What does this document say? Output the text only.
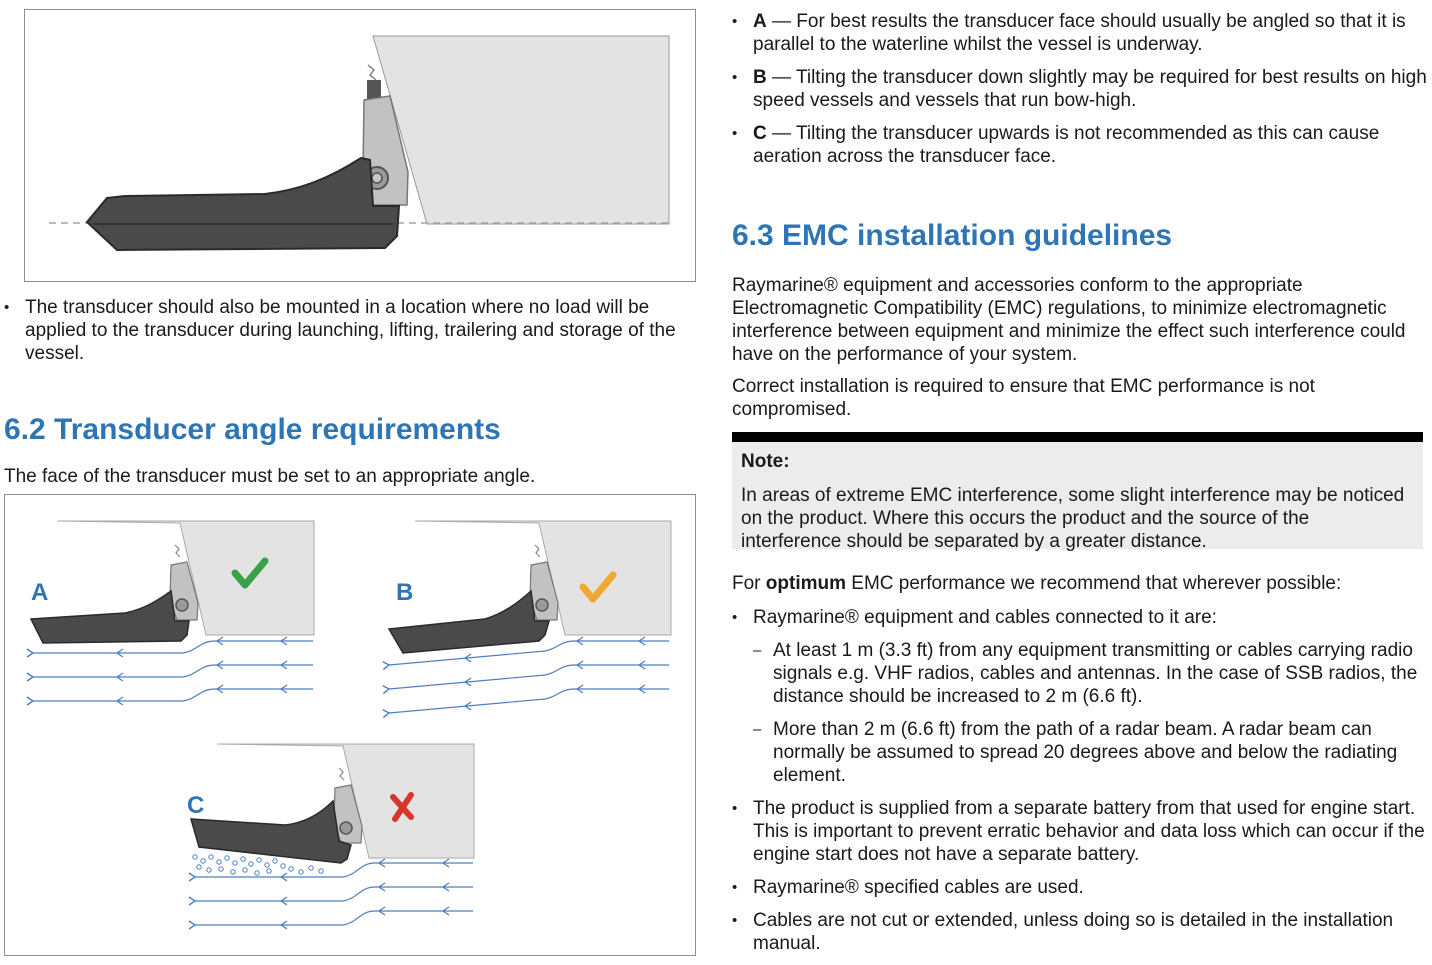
• The transducer should also be mounted in a location where no load will be applied to the transducer during launching, lifting, trailering and storage of the vessel.
6.2 Transducer angle requirements

The face of the transducer must be set to an appropriate angle.

A	B
C
• A — For best results the transducer face should usually be angled so that it is parallel to the waterline whilst the vessel is underway.
• B — Tilting the transducer down slightly may be required for best results on high speed vessels and vessels that run bow-high.
• C — Tilting the transducer upwards is not recommended as this can cause aeration across the transducer face.
6.3 EMC installation guidelines

Raymarine® equipment and accessories conform to the appropriate Electromagnetic Compatibility (EMC) regulations, to minimize electromagnetic interference between equipment and minimize the effect such interference could have on the performance of your system.

Correct installation is required to ensure that EMC performance is not compromised.

Note:
In areas of extreme EMC interference, some slight interference may be noticed on the product. Where this occurs the product and the source of the interference should be separated by a greater distance.

For optimum EMC performance we recommend that wherever possible:

• Raymarine® equipment and cables connected to it are:
– At least 1 m (3.3 ft) from any equipment transmitting or cables carrying radio signals e.g. VHF radios, cables and antennas. In the case of SSB radios, the distance should be increased to 2 m (6.6 ft).
– More than 2 m (6.6 ft) from the path of a radar beam. A radar beam can normally be assumed to spread 20 degrees above and below the radiating element.
• The product is supplied from a separate battery from that used for engine start. This is important to prevent erratic behavior and data loss which can occur if the engine start does not have a separate battery.
• Raymarine® specified cables are used.
• Cables are not cut or extended, unless doing so is detailed in the installation manual.
